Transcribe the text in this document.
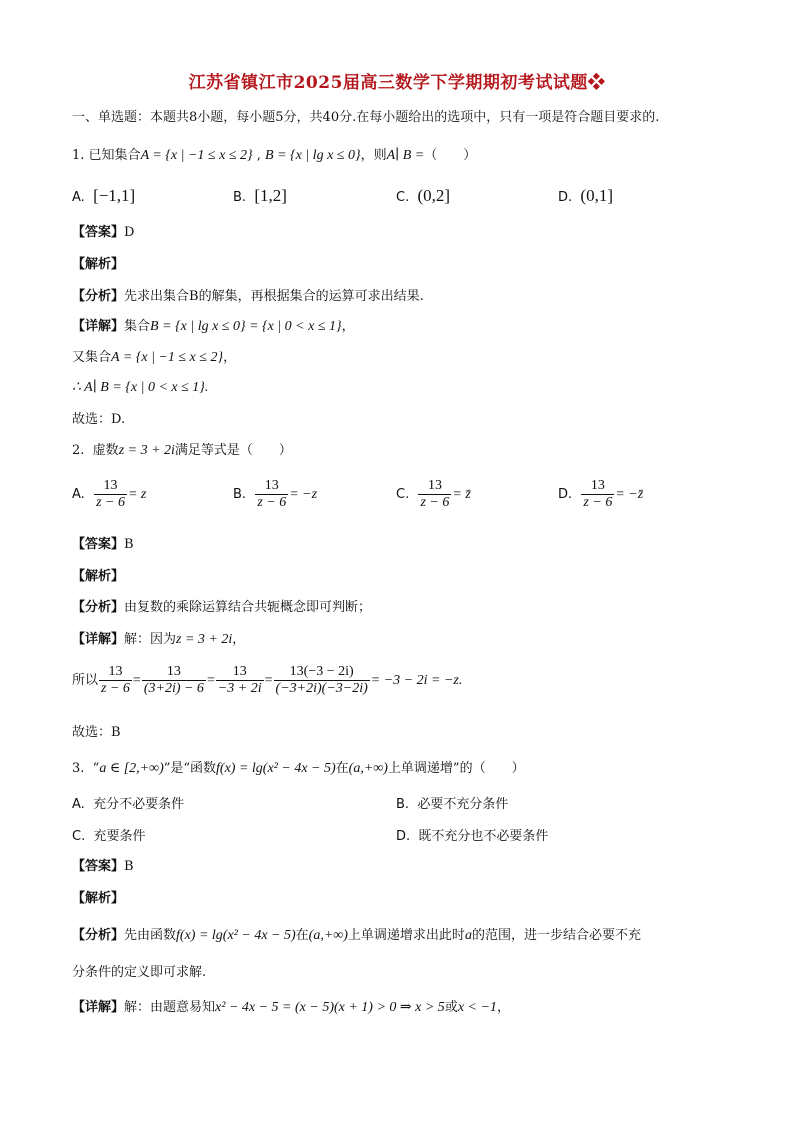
江苏省镇江市2025届高三数学下学期期初考试试题❖
一、单选题：本题共8小题，每小题5分，共40分.在每小题给出的选项中，只有一项是符合题目要求的.
1. 已知集合A = {x | −1 ≤ x ≤ 2} , B = {x | lg x ≤ 0}，则A∣ B =（　　）
A. [−1,1]	B. [1,2]	C. (0,2]	D. (0,1]
【答案】D
【解析】
【分析】先求出集合B的解集，再根据集合的运算可求出结果.
【详解】集合B = {x | lg x ≤ 0} = {x | 0 < x ≤ 1}，
又集合A = {x | −1 ≤ x ≤ 2}，
∴ A∣ B = {x | 0 < x ≤ 1}.
故选：D.
2. 虚数z = 3 + 2i满足等式是（　　）
A. $\frac{13}{z - 6} = z$	B. $\frac{13}{z - 6} = -z$	C. $\frac{13}{z - 6}$ = z̄	D. $\frac{13}{z - 6}$ = −z̄
【答案】B
【解析】
【分析】由复数的乘除运算结合共轭概念即可判断；
【详解】解：因为z = 3 + 2i，
所以 $\frac{13}{z - 6} = \frac{13}{(3+2i) - 6} = \frac{13}{-3 + 2i} = \frac{13(-3 - 2i)}{(-3+2i)(-3-2i)} = -3 - 2i = -z$.
故选：B
3. “a ∈ [2,+∞)”是“函数f(x) = lg(x² − 4x − 5)在(a,+∞)上单调递增”的（　　）
A. 充分不必要条件	B. 必要不充分条件
C. 充要条件	D. 既不充分也不必要条件
【答案】B
【解析】
【分析】先由函数f(x) = lg(x² − 4x − 5)在(a,+∞)上单调递增求出此时a的范围，进一步结合必要不充
分条件的定义即可求解.
【详解】解：由题意易知x² − 4x − 5 = (x − 5)(x + 1) > 0 ⇒ x > 5或x < −1，
